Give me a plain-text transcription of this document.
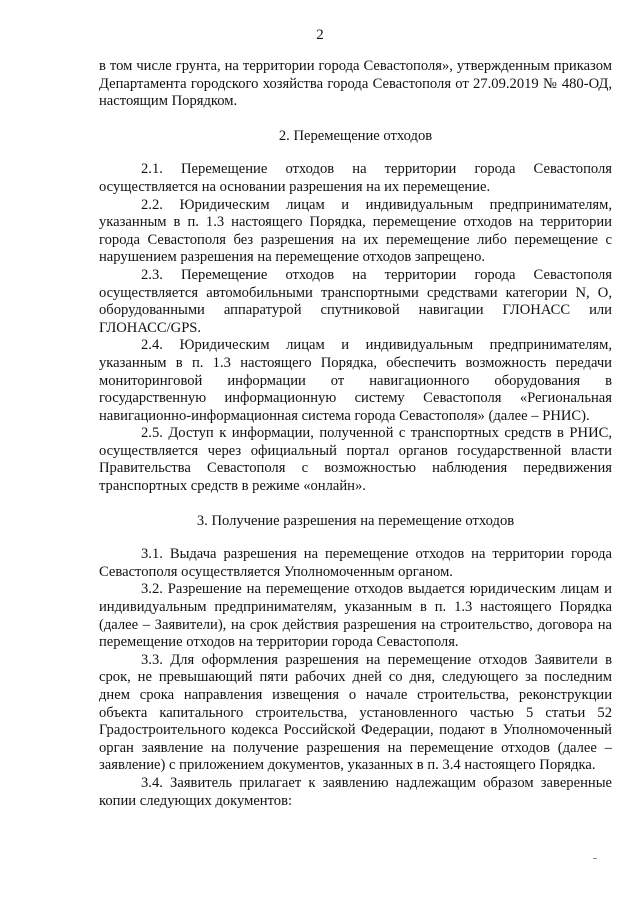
2

в том числе грунта, на территории города Севастополя», утвержденным приказом Департамента городского хозяйства города Севастополя от 27.09.2019 № 480-ОД, настоящим Порядком.

2. Перемещение отходов

2.1. Перемещение отходов на территории города Севастополя осуществляется на основании разрешения на их перемещение.

2.2. Юридическим лицам и индивидуальным предпринимателям, указанным в п. 1.3 настоящего Порядка, перемещение отходов на территории города Севастополя без разрешения на их перемещение либо перемещение с нарушением разрешения на перемещение отходов запрещено.

2.3. Перемещение отходов на территории города Севастополя осуществляется автомобильными транспортными средствами категории N, O, оборудованными аппаратурой спутниковой навигации ГЛОНАСС или ГЛОНАСС/GPS.

2.4. Юридическим лицам и индивидуальным предпринимателям, указанным в п. 1.3 настоящего Порядка, обеспечить возможность передачи мониторинговой информации от навигационного оборудования в государственную информационную систему Севастополя «Региональная навигационно-информационная система города Севастополя» (далее – РНИС).

2.5. Доступ к информации, полученной с транспортных средств в РНИС, осуществляется через официальный портал органов государственной власти Правительства Севастополя с возможностью наблюдения передвижения транспортных средств в режиме «онлайн».

3. Получение разрешения на перемещение отходов

3.1. Выдача разрешения на перемещение отходов на территории города Севастополя осуществляется Уполномоченным органом.

3.2. Разрешение на перемещение отходов выдается юридическим лицам и индивидуальным предпринимателям, указанным в п. 1.3 настоящего Порядка (далее – Заявители), на срок действия разрешения на строительство, договора на перемещение отходов на территории города Севастополя.

3.3. Для оформления разрешения на перемещение отходов Заявители в срок, не превышающий пяти рабочих дней со дня, следующего за последним днем срока направления извещения о начале строительства, реконструкции объекта капитального строительства, установленного частью 5 статьи 52 Градостроительного кодекса Российской Федерации, подают в Уполномоченный орган заявление на получение разрешения на перемещение отходов (далее – заявление) с приложением документов, указанных в п. 3.4 настоящего Порядка.

3.4. Заявитель прилагает к заявлению надлежащим образом заверенные копии следующих документов:
